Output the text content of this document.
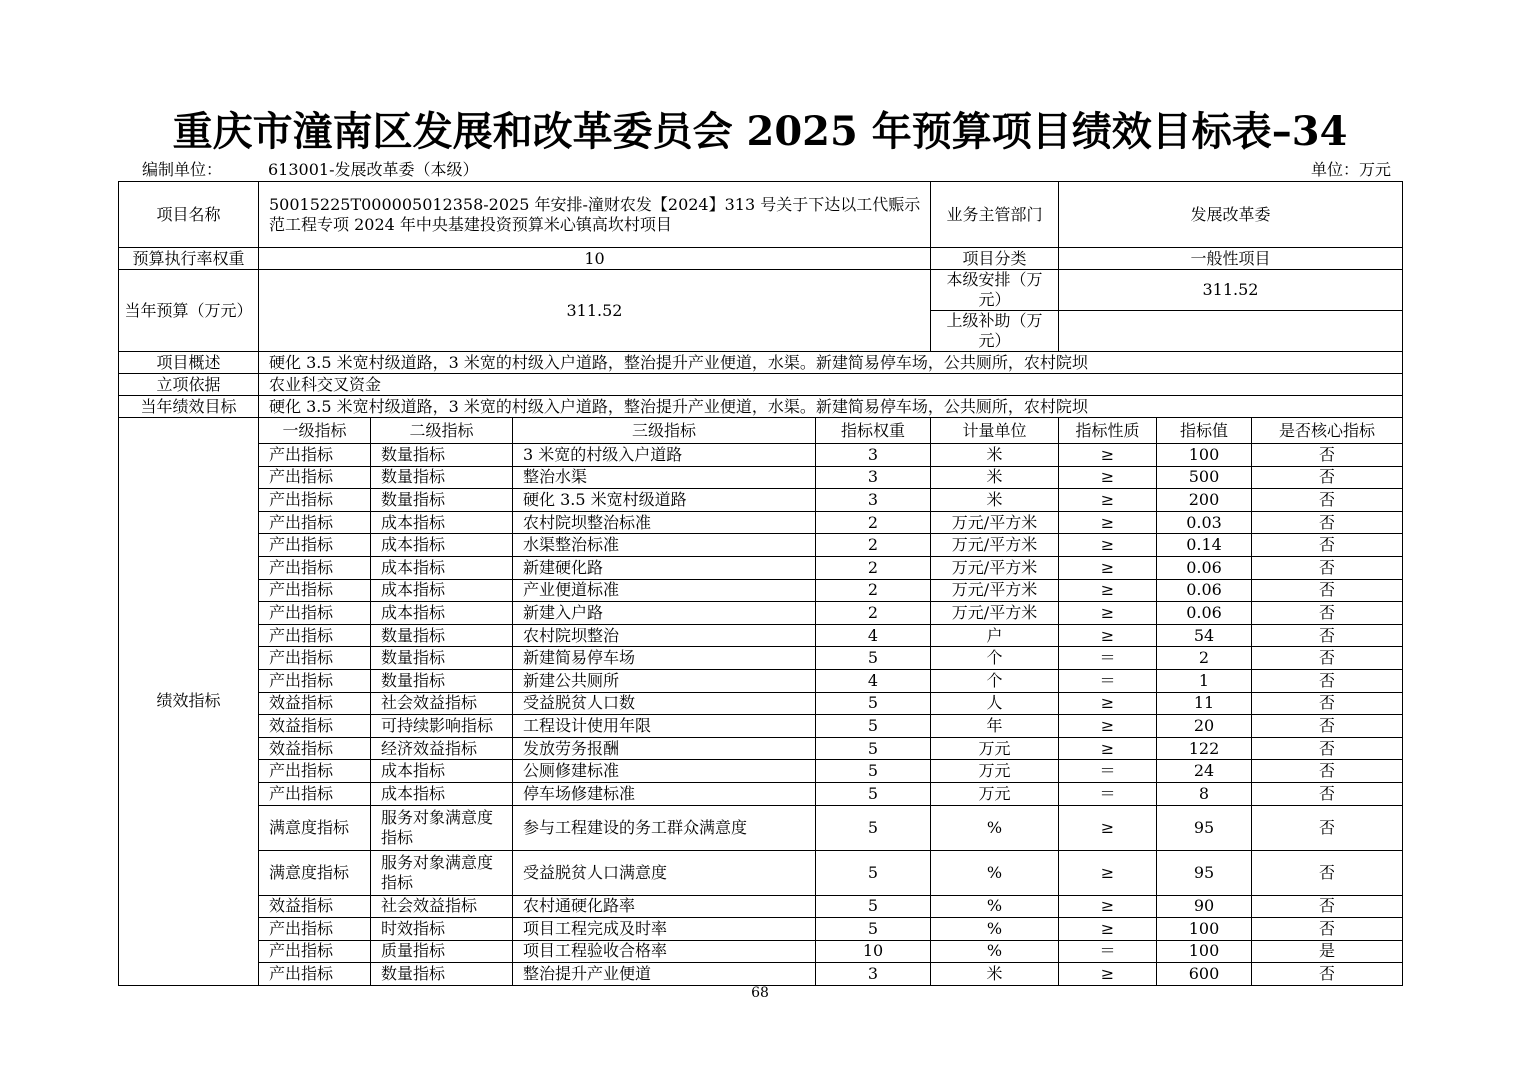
重庆市潼南区发展和改革委员会 2025 年预算项目绩效目标表–34
编制单位：	613001-发展改革委（本级）	单位：万元
项目名称	50015225T000005012358-2025 年安排-潼财农发【2024】313 号关于下达以工代赈示范工程专项 2024 年中央基建投资预算米心镇高坎村项目				业务主管部门	发展改革委		
预算执行率权重	10				项目分类	一般性项目		
当年预算（万元）	311.52				本级安排（万元）	311.52		
					上级补助（万元）			
项目概述	硬化 3.5 米宽村级道路，3 米宽的村级入户道路，整治提升产业便道，水渠。新建简易停车场，公共厕所，农村院坝							
立项依据	农业科交叉资金							
当年绩效目标	硬化 3.5 米宽村级道路，3 米宽的村级入户道路，整治提升产业便道，水渠。新建简易停车场，公共厕所，农村院坝							
绩效指标	一级指标	二级指标	三级指标	指标权重	计量单位	指标性质	指标值	是否核心指标
	产出指标	数量指标	3 米宽的村级入户道路	3	米	≥	100	否
	产出指标	数量指标	整治水渠	3	米	≥	500	否
	产出指标	数量指标	硬化 3.5 米宽村级道路	3	米	≥	200	否
	产出指标	成本指标	农村院坝整治标准	2	万元/平方米	≥	0.03	否
	产出指标	成本指标	水渠整治标准	2	万元/平方米	≥	0.14	否
	产出指标	成本指标	新建硬化路	2	万元/平方米	≥	0.06	否
	产出指标	成本指标	产业便道标准	2	万元/平方米	≥	0.06	否
	产出指标	成本指标	新建入户路	2	万元/平方米	≥	0.06	否
	产出指标	数量指标	农村院坝整治	4	户	≥	54	否
	产出指标	数量指标	新建简易停车场	5	个	＝	2	否
	产出指标	数量指标	新建公共厕所	4	个	＝	1	否
	效益指标	社会效益指标	受益脱贫人口数	5	人	≥	11	否
	效益指标	可持续影响指标	工程设计使用年限	5	年	≥	20	否
	效益指标	经济效益指标	发放劳务报酬	5	万元	≥	122	否
	产出指标	成本指标	公厕修建标准	5	万元	＝	24	否
	产出指标	成本指标	停车场修建标准	5	万元	＝	8	否
	满意度指标	服务对象满意度指标	参与工程建设的务工群众满意度	5	%	≥	95	否
	满意度指标	服务对象满意度指标	受益脱贫人口满意度	5	%	≥	95	否
	效益指标	社会效益指标	农村通硬化路率	5	%	≥	90	否
	产出指标	时效指标	项目工程完成及时率	5	%	≥	100	否
	产出指标	质量指标	项目工程验收合格率	10	%	＝	100	是
	产出指标	数量指标	整治提升产业便道	3	米	≥	600	否
68
